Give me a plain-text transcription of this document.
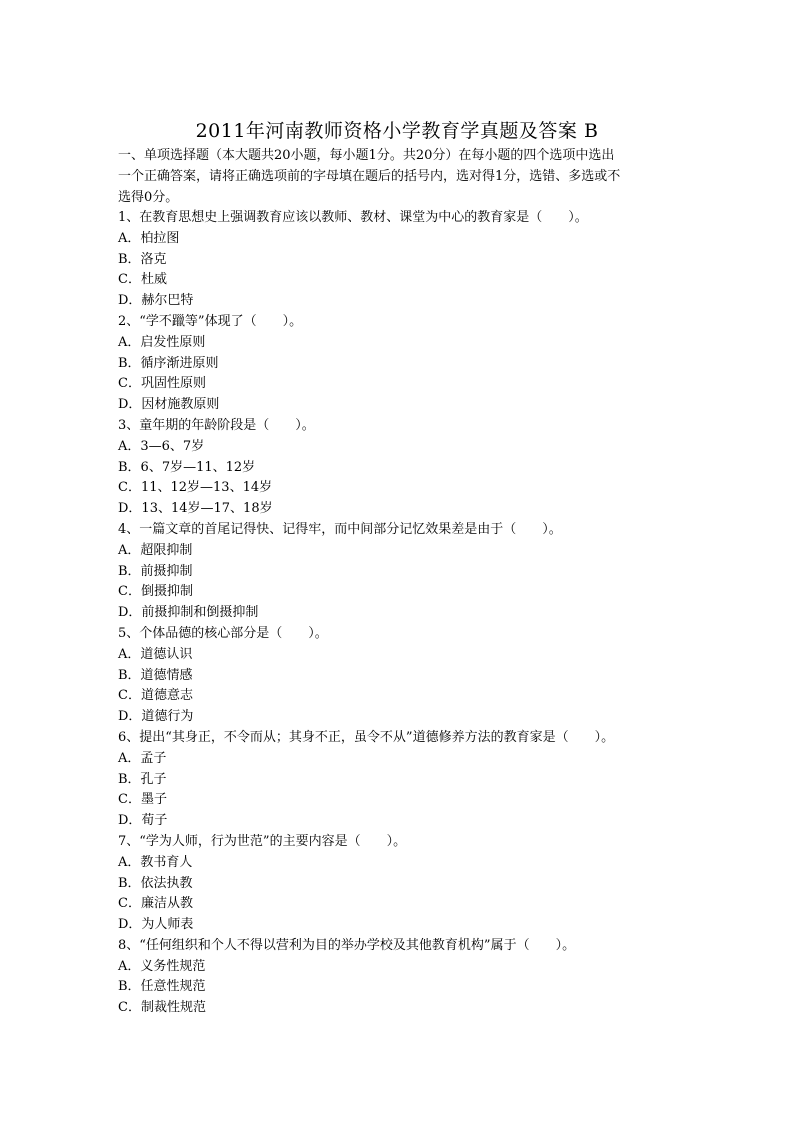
2011年河南教师资格小学教育学真题及答案 B
一、单项选择题（本大题共20小题，每小题1分。共20分）在每小题的四个选项中选出
一个正确答案，请将正确选项前的字母填在题后的括号内，选对得1分，选错、多选或不
选得0分。
1、在教育思想史上强调教育应该以教师、教材、课堂为中心的教育家是（　　）。
A．柏拉图
B．洛克
C．杜威
D．赫尔巴特
2、“学不躐等”体现了（　　）。
A．启发性原则
B．循序渐进原则
C．巩固性原则
D．因材施教原则
3、童年期的年龄阶段是（　　）。
A．3—6、7岁
B．6、7岁—11、12岁
C．11、12岁—13、14岁
D．13、14岁—17、18岁
4、一篇文章的首尾记得快、记得牢，而中间部分记忆效果差是由于（　　）。
A．超限抑制
B．前摄抑制
C．倒摄抑制
D．前摄抑制和倒摄抑制
5、个体品德的核心部分是（　　）。
A．道德认识
B．道德情感
C．道德意志
D．道德行为
6、提出“其身正，不令而从；其身不正，虽令不从”道德修养方法的教育家是（　　）。
A．孟子
B．孔子
C．墨子
D．荀子
7、“学为人师，行为世范”的主要内容是（　　）。
A．教书育人
B．依法执教
C．廉洁从教
D．为人师表
8、“任何组织和个人不得以营利为目的举办学校及其他教育机构”属于（　　）。
A．义务性规范
B．任意性规范
C．制裁性规范
